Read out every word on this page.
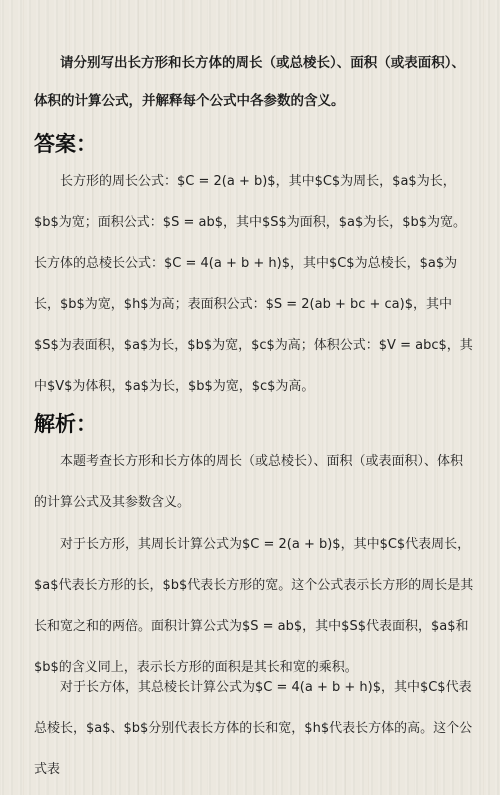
请分别写出长方形和长方体的周长（或总棱长）、面积（或表面积）、体积的计算公式，并解释每个公式中各参数的含义。
答案：
长方形的周长公式：$C = 2(a + b)$，其中$C$为周长，$a$为长，$b$为宽；面积公式：$S = ab$，其中$S$为面积，$a$为长，$b$为宽。长方体的总棱长公式：$C = 4(a + b + h)$，其中$C$为总棱长，$a$为长，$b$为宽，$h$为高；表面积公式：$S = 2(ab + bc + ca)$，其中$S$为表面积，$a$为长，$b$为宽，$c$为高；体积公式：$V = abc$，其中$V$为体积，$a$为长，$b$为宽，$c$为高。
解析：
本题考查长方形和长方体的周长（或总棱长）、面积（或表面积）、体积的计算公式及其参数含义。
对于长方形，其周长计算公式为$C = 2(a + b)$，其中$C$代表周长，$a$代表长方形的长，$b$代表长方形的宽。这个公式表示长方形的周长是其长和宽之和的两倍。面积计算公式为$S = ab$，其中$S$代表面积，$a$和$b$的含义同上，表示长方形的面积是其长和宽的乘积。
对于长方体，其总棱长计算公式为$C = 4(a + b + h)$，其中$C$代表总棱长，$a$、$b$分别代表长方体的长和宽，$h$代表长方体的高。这个公式表
